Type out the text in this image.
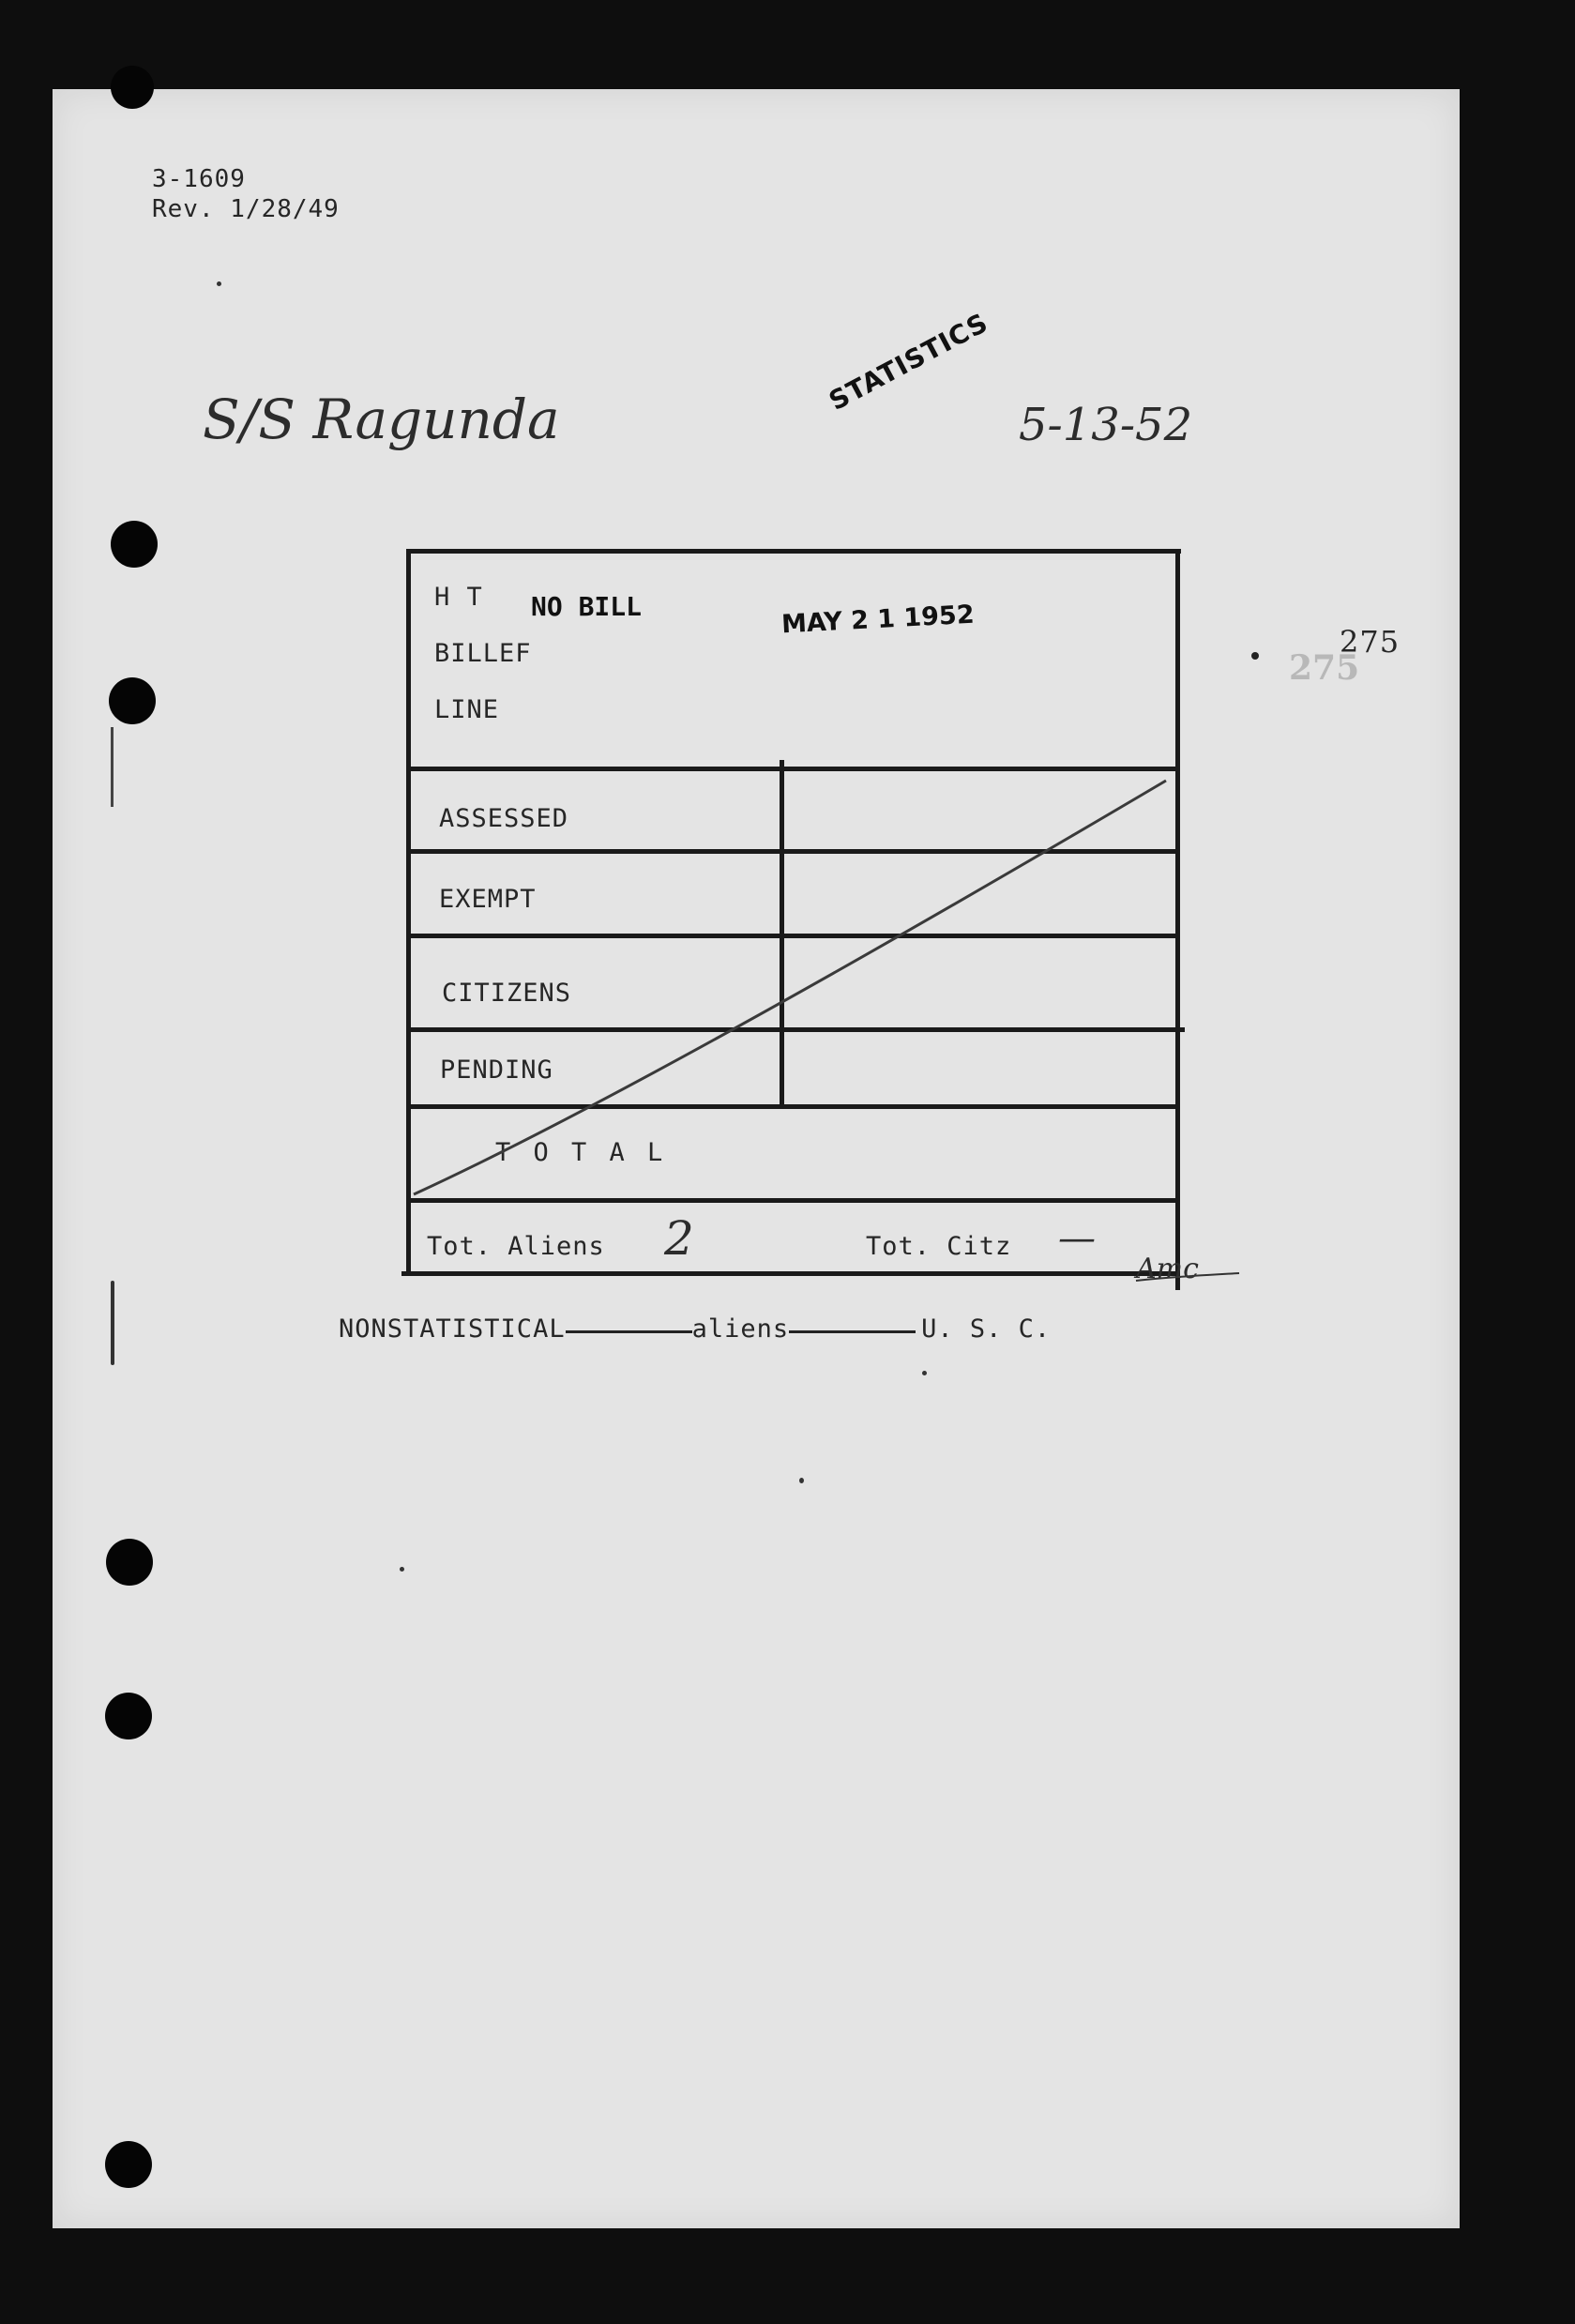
3-1609
Rev. 1/28/49
STATISTICS
S/S Ragunda	5-13-52
275
275
H T
BILLEF
LINE
NO BILL	MAY 2 1 1952
ASSESSED
EXEMPT
CITIZENS
PENDING
T O T A L
Tot. Aliens 2	Tot. Citz —
Amc
NONSTATISTICAL	aliens	U. S. C.
